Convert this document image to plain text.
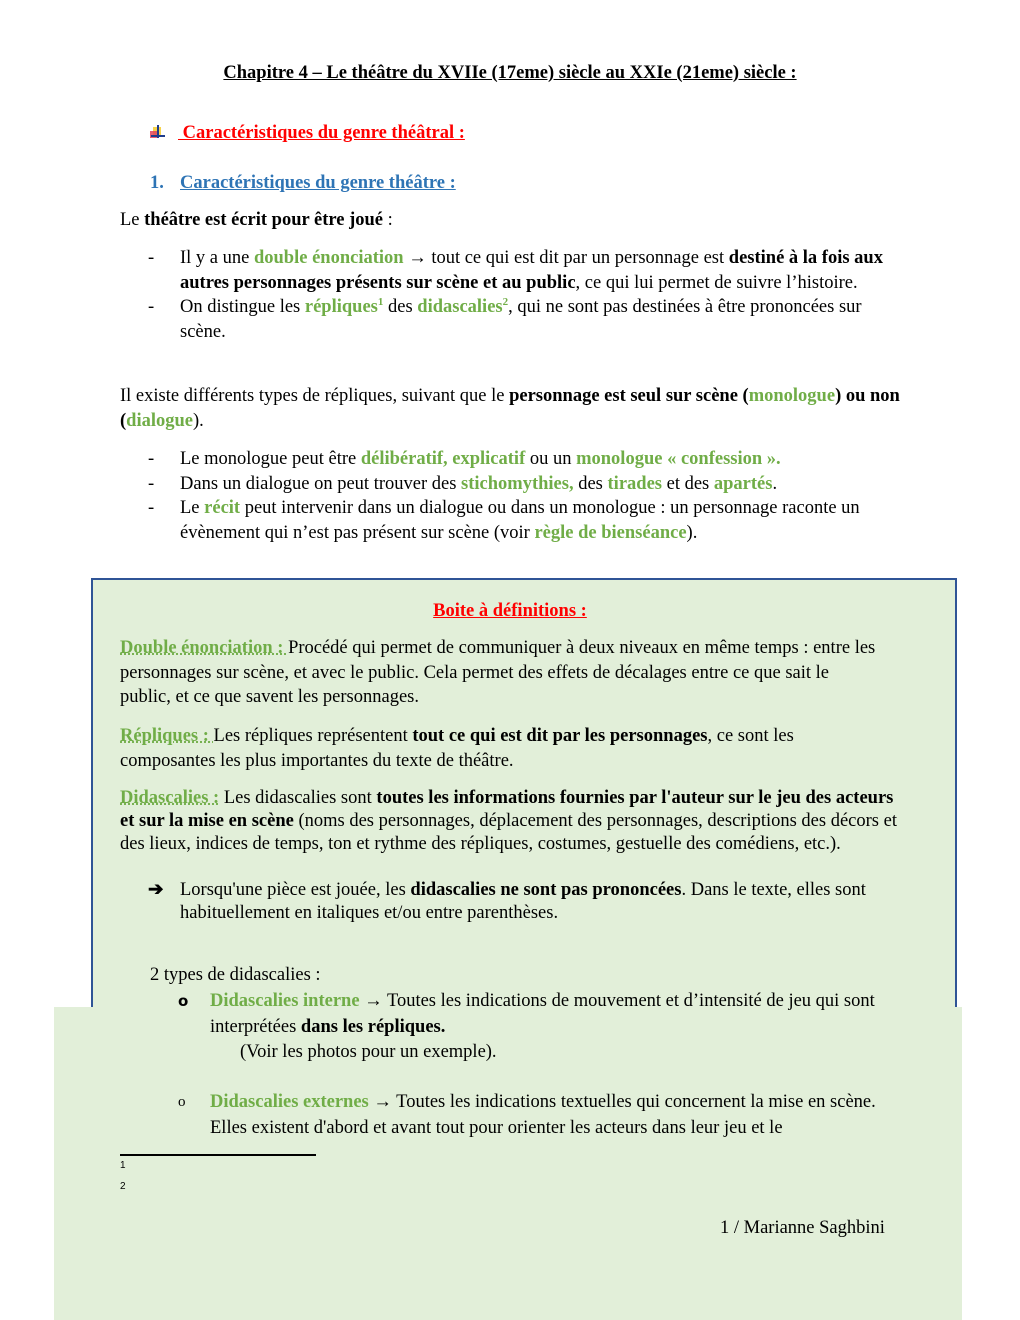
Chapitre 4 – Le théâtre du XVIIe (17eme) siècle au XXIe (21eme) siècle :
Caractéristiques du genre théâtral :
1. Caractéristiques du genre théâtre :
Le théâtre est écrit pour être joué :
- Il y a une double énonciation → tout ce qui est dit par un personnage est destiné à la fois aux autres personnages présents sur scène et au public, ce qui lui permet de suivre l’histoire.
- On distingue les répliques$^1$ des didascalies$^2$, qui ne sont pas destinées à être prononcées sur scène.
Il existe différents types de répliques, suivant que le personnage est seul sur scène (monologue) ou non (dialogue).
- Le monologue peut être délibératif, explicatif ou un monologue « confession ».
- Dans un dialogue on peut trouver des stichomythies, des tirades et des apartés.
- Le récit peut intervenir dans un dialogue ou dans un monologue : un personnage raconte un évènement qui n’est pas présent sur scène (voir règle de bienséance).
Boite à définitions :
Double énonciation : Procédé qui permet de communiquer à deux niveaux en même temps : entre les personnages sur scène, et avec le public. Cela permet des effets de décalages entre ce que sait le public, et ce que savent les personnages.
Répliques : Les répliques représentent tout ce qui est dit par les personnages, ce sont les composantes les plus importantes du texte de théâtre.
Didascalies : Les didascalies sont toutes les informations fournies par l'auteur sur le jeu des acteurs et sur la mise en scène (noms des personnages, déplacement des personnages, descriptions des décors et des lieux, indices de temps, ton et rythme des répliques, costumes, gestuelle des comédiens, etc.).
➔ Lorsqu'une pièce est jouée, les didascalies ne sont pas prononcées. Dans le texte, elles sont habituellement en italiques et/ou entre parenthèses.
2 types de didascalies :
o Didascalies interne → Toutes les indications de mouvement et d’intensité de jeu qui sont interprétées dans les répliques.
(Voir les photos pour un exemple).
o Didascalies externes → Toutes les indications textuelles qui concernent la mise en scène. Elles existent d'abord et avant tout pour orienter les acteurs dans leur jeu et le
1
2
1 / Marianne Saghbini
